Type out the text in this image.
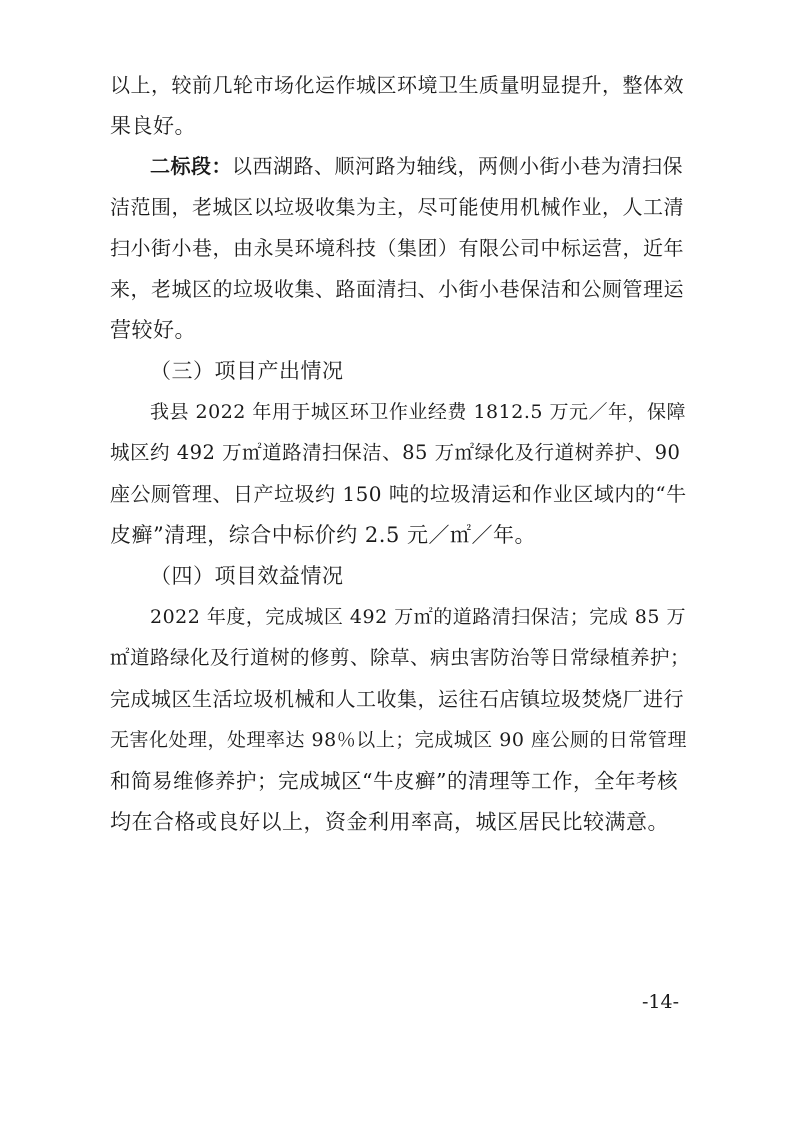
以上，较前几轮市场化运作城区环境卫生质量明显提升，整体效
果良好。
二标段：以西湖路、顺河路为轴线，两侧小街小巷为清扫保
洁范围，老城区以垃圾收集为主，尽可能使用机械作业，人工清
扫小街小巷，由永昊环境科技（集团）有限公司中标运营，近年
来，老城区的垃圾收集、路面清扫、小街小巷保洁和公厕管理运
营较好。
（三）项目产出情况
我县 2022 年用于城区环卫作业经费 1812.5 万元／年，保障
城区约 492 万㎡道路清扫保洁、85 万㎡绿化及行道树养护、90
座公厕管理、日产垃圾约 150 吨的垃圾清运和作业区域内的“牛
皮癣”清理，综合中标价约 2.5 元／㎡／年。
（四）项目效益情况
2022 年度，完成城区 492 万㎡的道路清扫保洁；完成 85 万
㎡道路绿化及行道树的修剪、除草、病虫害防治等日常绿植养护；
完成城区生活垃圾机械和人工收集，运往石店镇垃圾焚烧厂进行
无害化处理，处理率达 98％以上；完成城区 90 座公厕的日常管理
和简易维修养护；完成城区“牛皮癣”的清理等工作，全年考核
均在合格或良好以上，资金利用率高，城区居民比较满意。
-14-
